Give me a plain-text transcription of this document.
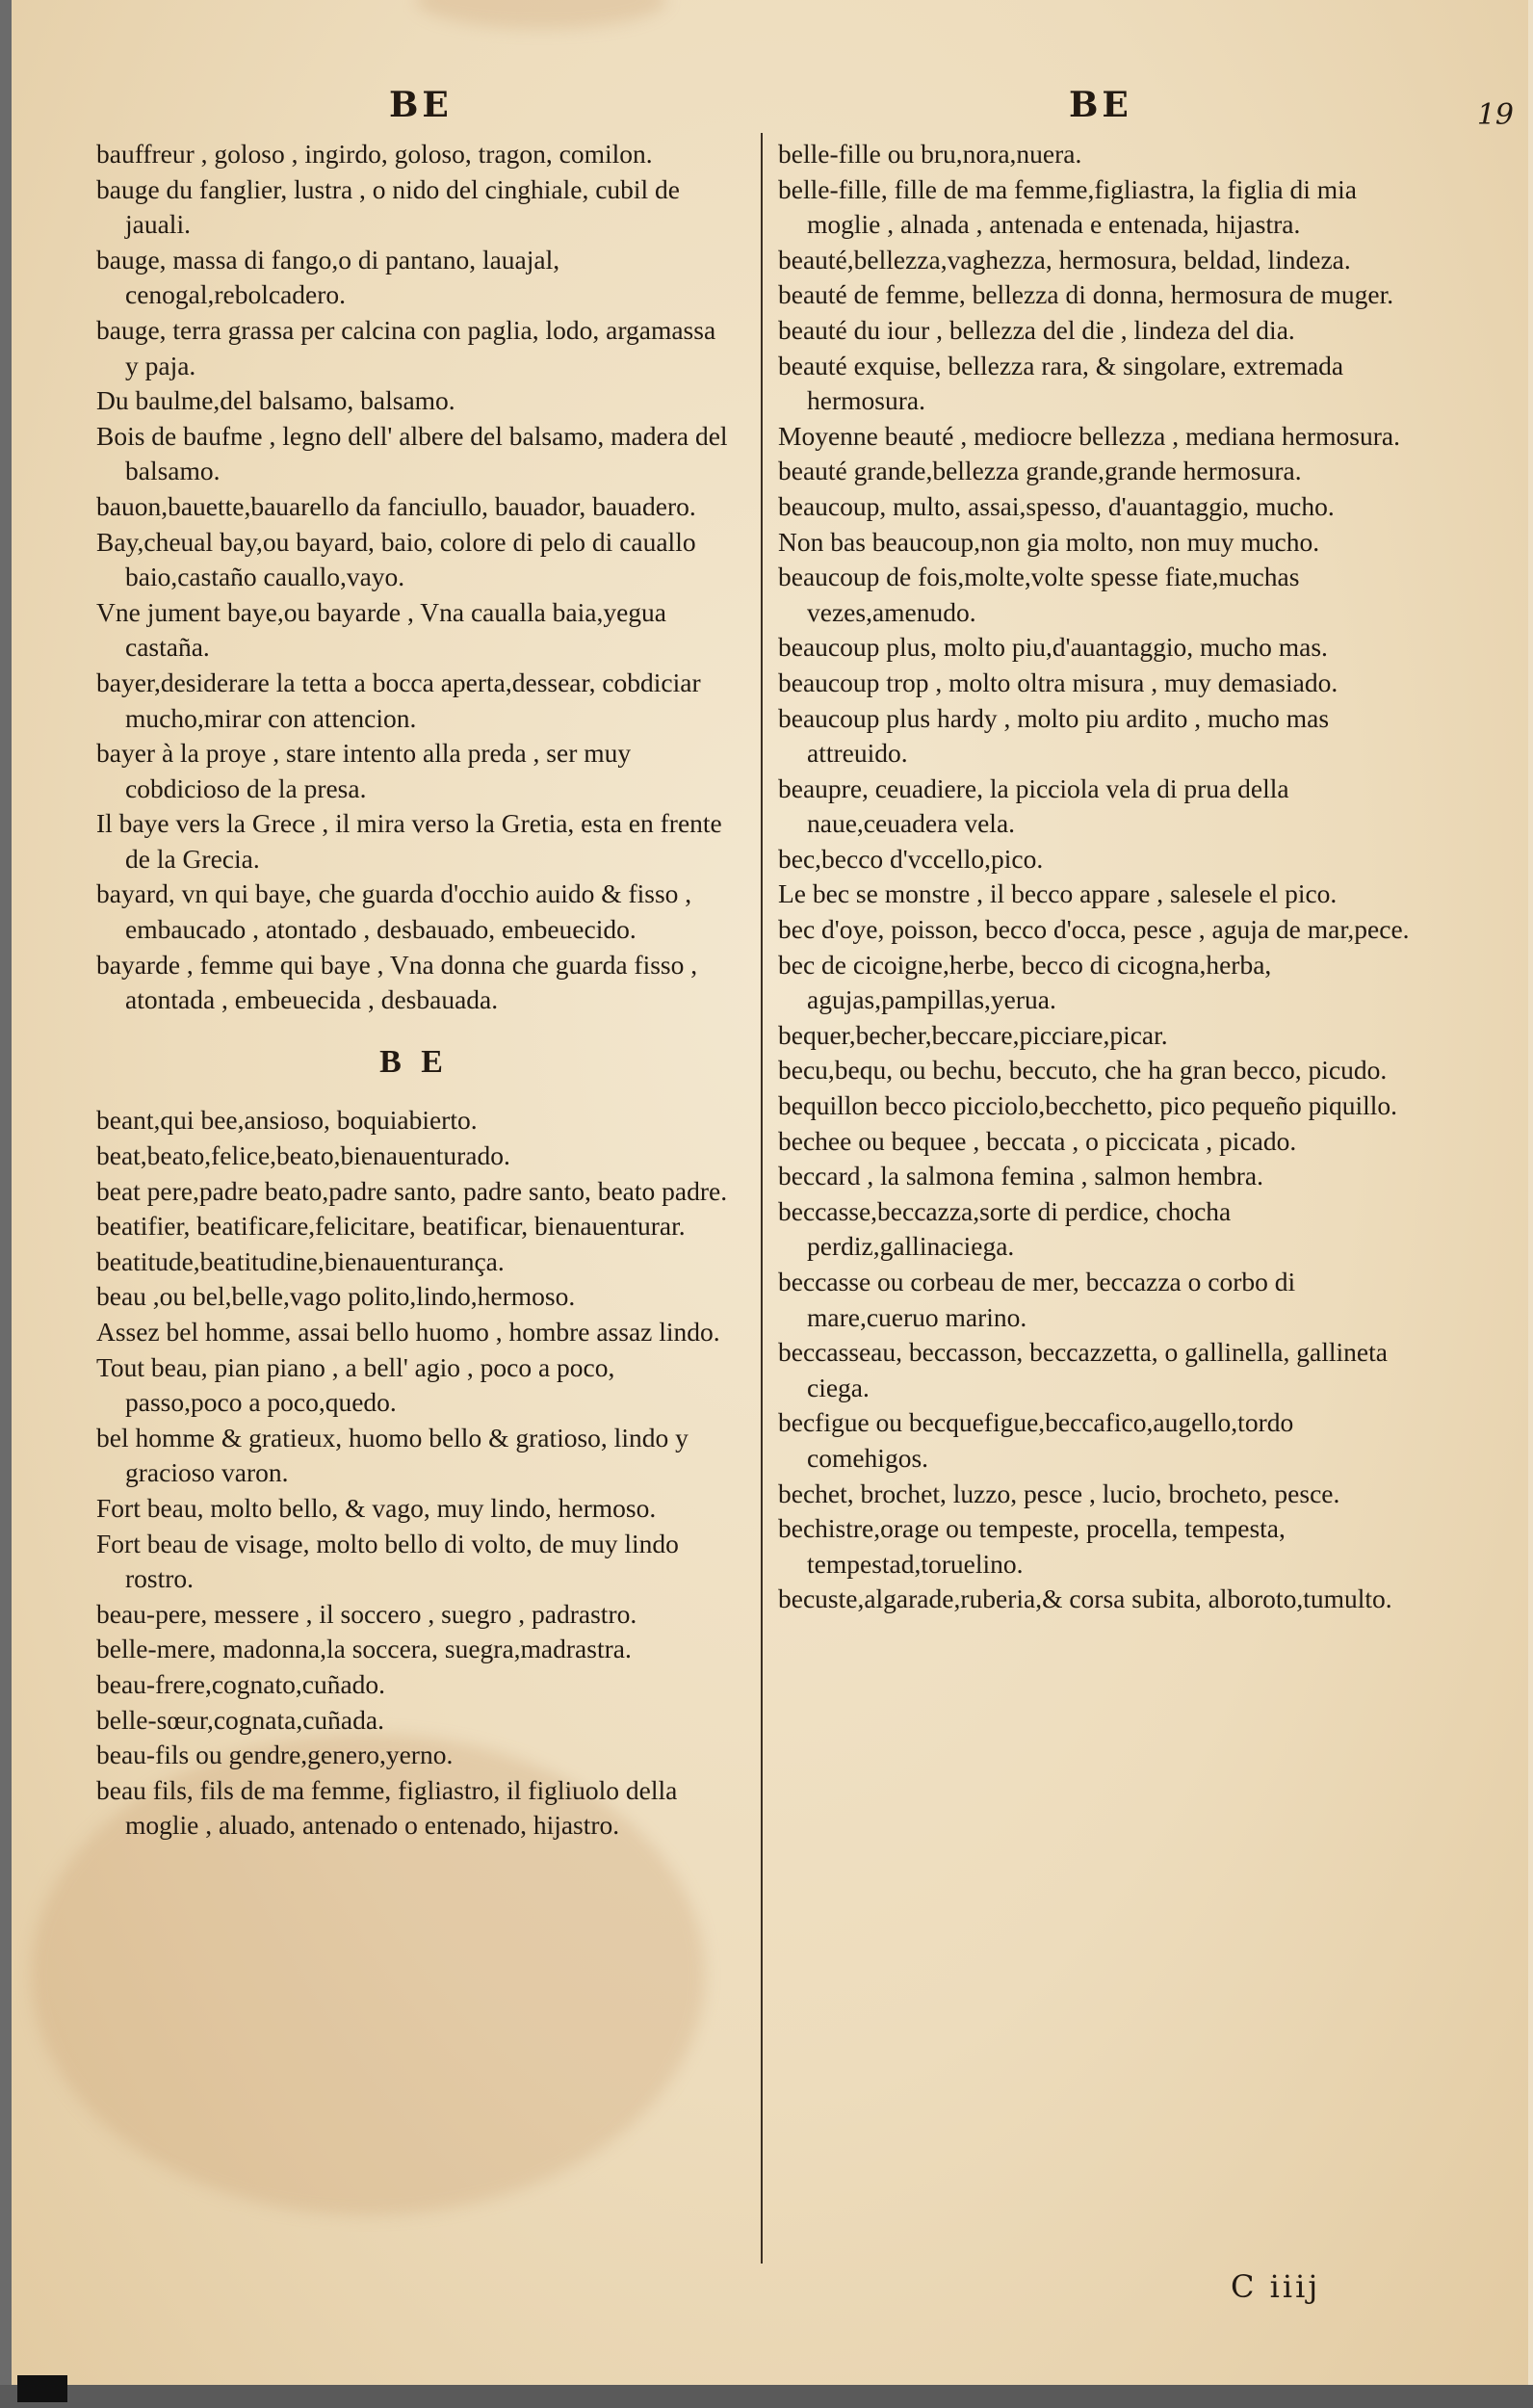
BE	BE	19

bauffreur , goloso , ingirdo, goloso, tragon, comilon.

bauge du fanglier, lustra , o nido del cinghiale, cubil de jauali.

bauge, massa di fango,o di pantano, lauajal, cenogal,rebolcadero.

bauge, terra grassa per calcina con paglia, lodo, argamassa y paja.

Du baulme,del balsamo, balsamo.

Bois de baufme , legno dell' albere del balsamo, madera del balsamo.

bauon,bauette,bauarello da fanciullo, bauador, bauadero.

Bay,cheual bay,ou bayard, baio, colore di pelo di cauallo baio,castaño cauallo,vayo.

Vne jument baye,ou bayarde , Vna caualla baia,yegua castaña.

bayer,desiderare la tetta a bocca aperta,dessear, cobdiciar mucho,mirar con attencion.

bayer à la proye , stare intento alla preda , ser muy cobdicioso de la presa.

Il baye vers la Grece , il mira verso la Gretia, esta en frente de la Grecia.

bayard, vn qui baye, che guarda d'occhio auido & fisso , embaucado , atontado , desbauado, embeuecido.

bayarde , femme qui baye , Vna donna che guarda fisso , atontada , embeuecida , desbauada.

B E

beant,qui bee,ansioso, boquiabierto.

beat,beato,felice,beato,bienauenturado.

beat pere,padre beato,padre santo, padre santo, beato padre.

beatifier, beatificare,felicitare, beatificar, bienauenturar.

beatitude,beatitudine,bienauenturança.

beau ,ou bel,belle,vago polito,lindo,hermoso.

Assez bel homme, assai bello huomo , hombre assaz lindo.

Tout beau, pian piano , a bell' agio , poco a poco, passo,poco a poco,quedo.

bel homme & gratieux, huomo bello & gratioso, lindo y gracioso varon.

Fort beau, molto bello, & vago, muy lindo, hermoso.

Fort beau de visage, molto bello di volto, de muy lindo rostro.

beau-pere, messere , il soccero , suegro , padrastro.

belle-mere, madonna,la soccera, suegra,madrastra.

beau-frere,cognato,cuñado.

belle-sœur,cognata,cuñada.

beau-fils ou gendre,genero,yerno.

beau fils, fils de ma femme, figliastro, il figliuolo della moglie , aluado, antenado o entenado, hijastro.

belle-fille ou bru,nora,nuera.

belle-fille, fille de ma femme,figliastra, la figlia di mia moglie , alnada , antenada e entenada, hijastra.

beauté,bellezza,vaghezza, hermosura, beldad, lindeza.

beauté de femme, bellezza di donna, hermosura de muger.

beauté du iour , bellezza del die , lindeza del dia.

beauté exquise, bellezza rara, & singolare, extremada hermosura.

Moyenne beauté , mediocre bellezza , mediana hermosura.

beauté grande,bellezza grande,grande hermosura.

beaucoup, multo, assai,spesso, d'auantaggio, mucho.

Non bas beaucoup,non gia molto, non muy mucho.

beaucoup de fois,molte,volte spesse fiate,muchas vezes,amenudo.

beaucoup plus, molto piu,d'auantaggio, mucho mas.

beaucoup trop , molto oltra misura , muy demasiado.

beaucoup plus hardy , molto piu ardito , mucho mas attreuido.

beaupre, ceuadiere, la picciola vela di prua della naue,ceuadera vela.

bec,becco d'vccello,pico.

Le bec se monstre , il becco appare , salesele el pico.

bec d'oye, poisson, becco d'occa, pesce , aguja de mar,pece.

bec de cicoigne,herbe, becco di cicogna,herba, agujas,pampillas,yerua.

bequer,becher,beccare,picciare,picar.

becu,bequ, ou bechu, beccuto, che ha gran becco, picudo.

bequillon becco picciolo,becchetto, pico pequeño piquillo.

bechee ou bequee , beccata , o piccicata , picado.

beccard , la salmona femina , salmon hembra.

beccasse,beccazza,sorte di perdice, chocha perdiz,gallinaciega.

beccasse ou corbeau de mer, beccazza o corbo di mare,cueruo marino.

beccasseau, beccasson, beccazzetta, o gallinella, gallineta ciega.

becfigue ou becquefigue,beccafico,augello,tordo comehigos.

bechet, brochet, luzzo, pesce , lucio, brocheto, pesce.

bechistre,orage ou tempeste, procella, tempesta, tempestad,toruelino.

becuste,algarade,ruberia,& corsa subita, alboroto,tumulto.

C iiij
